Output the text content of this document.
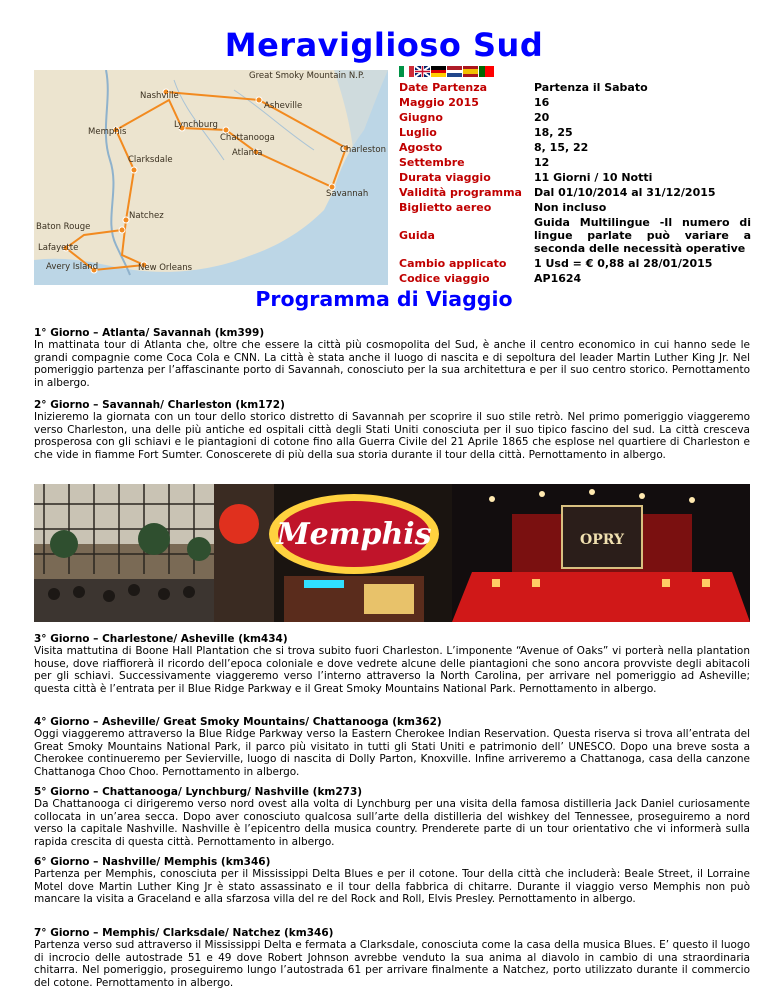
Meraviglioso Sud
Great Smoky Mountain N.P.
Nashville
Asheville
Memphis
Lynchburg
Chattanooga
Clarksdale
Atlanta	Charleston
Savannah
Natchez
Baton Rouge
Lafayette
Avery Island	New Orleans
Date Partenza	Partenza il Sabato
Maggio 2015	16
Giugno	20
Luglio	18, 25
Agosto	8, 15, 22
Settembre	12
Durata viaggio	11 Giorni / 10 Notti
Validità programma	Dal 01/10/2014 al 31/12/2015
Biglietto aereo	Non incluso
Guida	Guida Multilingue -Il numero di lingue parlate può variare a seconda delle necessità operative
Cambio applicato	1 Usd = € 0,88 al 28/01/2015
Codice viaggio	AP1624
Programma di Viaggio
1° Giorno – Atlanta/ Savannah (km399)
In mattinata tour di Atlanta che, oltre che essere la città più cosmopolita del Sud, è anche il centro economico in cui hanno sede le grandi compagnie come Coca Cola e CNN. La città è stata anche il luogo di nascita e di sepoltura del leader Martin Luther King Jr. Nel pomeriggio partenza per l’affascinante porto di Savannah, conosciuto per la sua architettura e per il suo centro storico. Pernottamento in albergo.
2° Giorno – Savannah/ Charleston (km172)
Inizieremo la giornata con un tour dello storico distretto di Savannah per scoprire il suo stile retrò. Nel primo pomeriggio viaggeremo verso Charleston, una delle più antiche ed ospitali città degli Stati Uniti conosciuta per il suo tipico fascino del sud. La città cresceva prosperosa con gli schiavi e le piantagioni di cotone fino alla Guerra Civile del 21 Aprile 1865 che esplose nel quartiere di Charleston e che vide in fiamme Fort Sumter. Conoscerete di più della sua storia durante il tour della città. Pernottamento in albergo.
Memphis	OPRY
3° Giorno – Charlestone/ Asheville (km434)
Visita mattutina di Boone Hall Plantation che si trova subito fuori Charleston. L’imponente “Avenue of Oaks” vi porterà nella plantation house, dove riaffiorerà il ricordo dell’epoca coloniale e dove vedrete alcune delle piantagioni che sono ancora provviste degli abitacoli per gli schiavi. Successivamente viaggeremo verso l’interno attraverso la North Carolina, per arrivare nel pomeriggio ad Asheville; questa città è l’entrata per il Blue Ridge Parkway e il Great Smoky Mountains National Park. Pernottamento in albergo.
4° Giorno – Asheville/ Great Smoky Mountains/ Chattanooga (km362)
Oggi viaggeremo attraverso la Blue Ridge Parkway verso la Eastern Cherokee Indian Reservation. Questa riserva si trova all’entrata del Great Smoky Mountains National Park, il parco più visitato in tutti gli Stati Uniti e patrimonio dell’ UNESCO. Dopo una breve sosta a Cherokee continueremo per Sevierville, luogo di nascita di Dolly Parton, Knoxville. Infine arriveremo a Chattanoga, casa della canzone Chattanoga Choo Choo. Pernottamento in albergo.
5° Giorno – Chattanooga/ Lynchburg/ Nashville (km273)
Da Chattanooga ci dirigeremo verso nord ovest alla volta di Lynchburg per una visita della famosa distilleria Jack Daniel curiosamente collocata in un’area secca. Dopo aver conosciuto qualcosa sull’arte della distilleria del wishkey del Tennessee, proseguiremo a nord verso la capitale Nashville. Nashville è l’epicentro della musica country. Prenderete parte di un tour orientativo che vi informerà sulla rapida crescita di questa città. Pernottamento in albergo.
6° Giorno – Nashville/ Memphis (km346)
Partenza per Memphis, conosciuta per il Mississippi Delta Blues e per il cotone. Tour della città che includerà: Beale Street, il Lorraine Motel dove Martin Luther King Jr è stato assassinato e il tour della fabbrica di chitarre. Durante il viaggio verso Memphis non può mancare la visita a Graceland e alla sfarzosa villa del re del Rock and Roll, Elvis Presley. Pernottamento in albergo.
7° Giorno – Memphis/ Clarksdale/ Natchez (km346)
Partenza verso sud attraverso il Mississippi Delta e fermata a Clarksdale, conosciuta come la casa della musica Blues. E’ questo il luogo di incrocio delle autostrade 51 e 49 dove Robert Johnson avrebbe venduto la sua anima al diavolo in cambio di una straordinaria chitarra. Nel pomeriggio, proseguiremo lungo l’autostrada 61 per arrivare finalmente a Natchez, porto utilizzato durante il commercio del cotone. Pernottamento in albergo.
